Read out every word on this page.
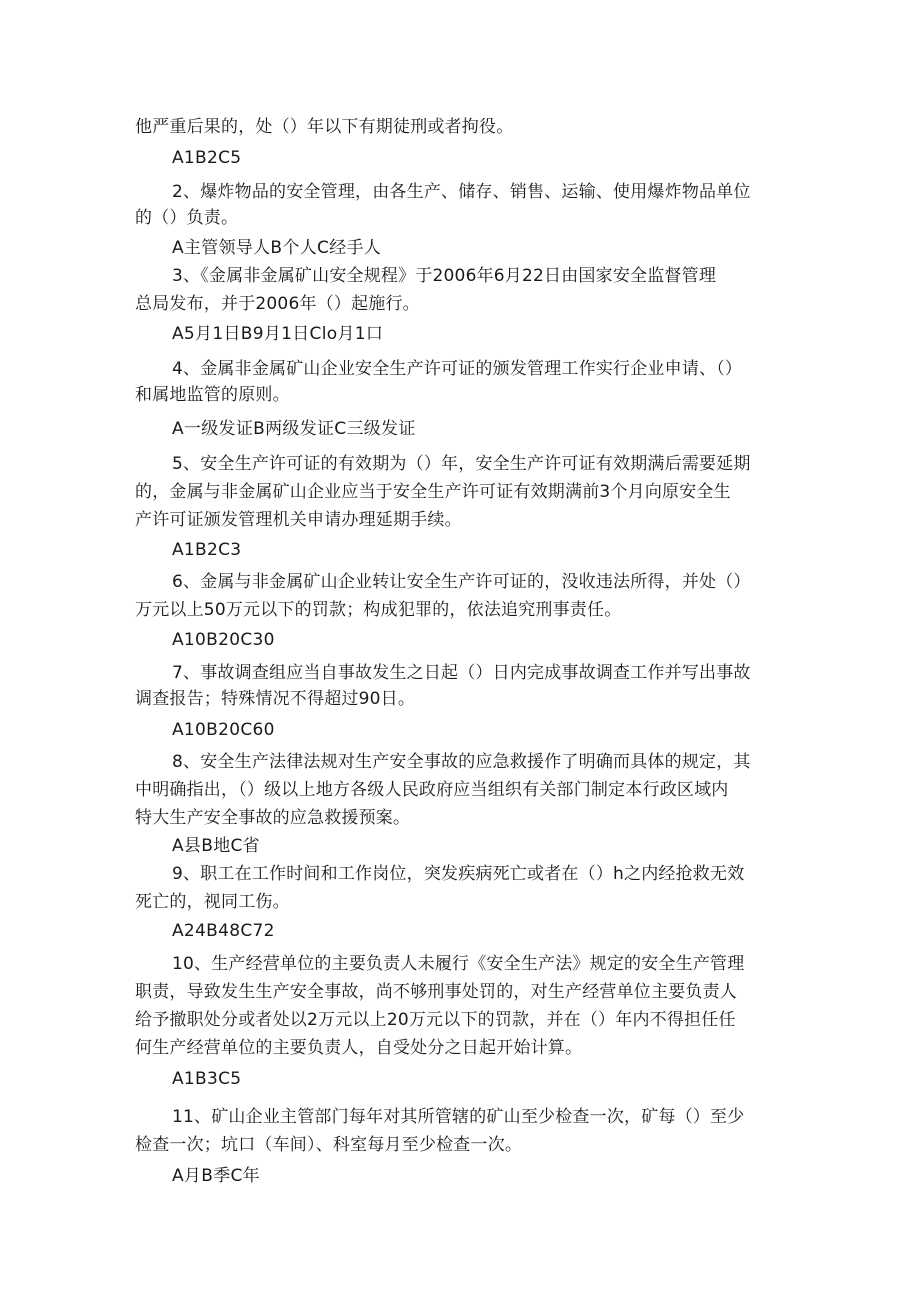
他严重后果的，处（）年以下有期徒刑或者拘役。
A1B2C5
2、爆炸物品的安全管理，由各生产、储存、销售、运输、使用爆炸物品单位
的（）负责。
A主管领导人B个人C经手人
3、《金属非金属矿山安全规程》于2006年6月22日由国家安全监督管理
总局发布，并于2006年（）起施行。
A5月1日B9月1日Clo月1口
4、金属非金属矿山企业安全生产许可证的颁发管理工作实行企业申请、（）
和属地监管的原则。
A一级发证B两级发证C三级发证
5、安全生产许可证的有效期为（）年，安全生产许可证有效期满后需要延期
的，金属与非金属矿山企业应当于安全生产许可证有效期满前3个月向原安全生
产许可证颁发管理机关申请办理延期手续。
A1B2C3
6、金属与非金属矿山企业转让安全生产许可证的，没收违法所得，并处（）
万元以上50万元以下的罚款；构成犯罪的，依法追究刑事责任。
A10B20C30
7、事故调查组应当自事故发生之日起（）日内完成事故调查工作并写出事故
调查报告；特殊情况不得超过90日。
A10B20C60
8、安全生产法律法规对生产安全事故的应急救援作了明确而具体的规定，其
中明确指出，（）级以上地方各级人民政府应当组织有关部门制定本行政区域内
特大生产安全事故的应急救援预案。
A县B地C省
9、职工在工作时间和工作岗位，突发疾病死亡或者在（）h之内经抢救无效
死亡的，视同工伤。
A24B48C72
10、生产经营单位的主要负责人未履行《安全生产法》规定的安全生产管理
职责，导致发生生产安全事故，尚不够刑事处罚的，对生产经营单位主要负责人
给予撤职处分或者处以2万元以上20万元以下的罚款，并在（）年内不得担任任
何生产经营单位的主要负责人，自受处分之日起开始计算。
A1B3C5
11、矿山企业主管部门每年对其所管辖的矿山至少检查一次，矿每（）至少
检查一次；坑口（车间）、科室每月至少检查一次。
A月B季C年
